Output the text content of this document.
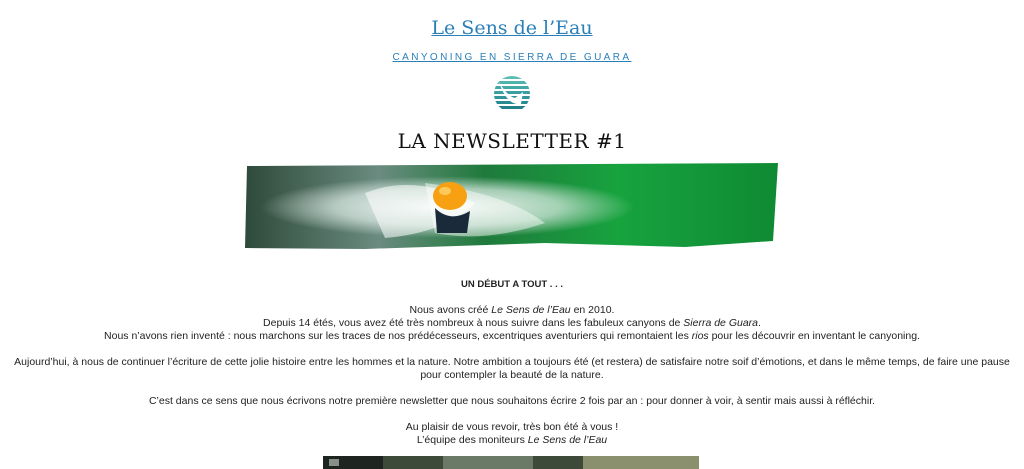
Le Sens de l’Eau
CANYONING EN SIERRA DE GUARA
LA NEWSLETTER #1

UN DÉBUT A TOUT . . .

Nous avons créé Le Sens de l’Eau en 2010.

Depuis 14 étés, vous avez été très nombreux à nous suivre dans les fabuleux canyons de Sierra de Guara.

Nous n’avons rien inventé : nous marchons sur les traces de nos prédécesseurs, excentriques aventuriers qui remontaient les rios pour les découvrir en inventant le canyoning.

Aujourd’hui, à nous de continuer l’écriture de cette jolie histoire entre les hommes et la nature. Notre ambition a toujours été (et restera) de satisfaire notre soif d’émotions, et dans le même temps, de faire une pause pour contempler la beauté de la nature.

C’est dans ce sens que nous écrivons notre première newsletter que nous souhaitons écrire 2 fois par an : pour donner à voir, à sentir mais aussi à réfléchir.

Au plaisir de vous revoir, très bon été à vous !

L’équipe des moniteurs Le Sens de l’Eau
